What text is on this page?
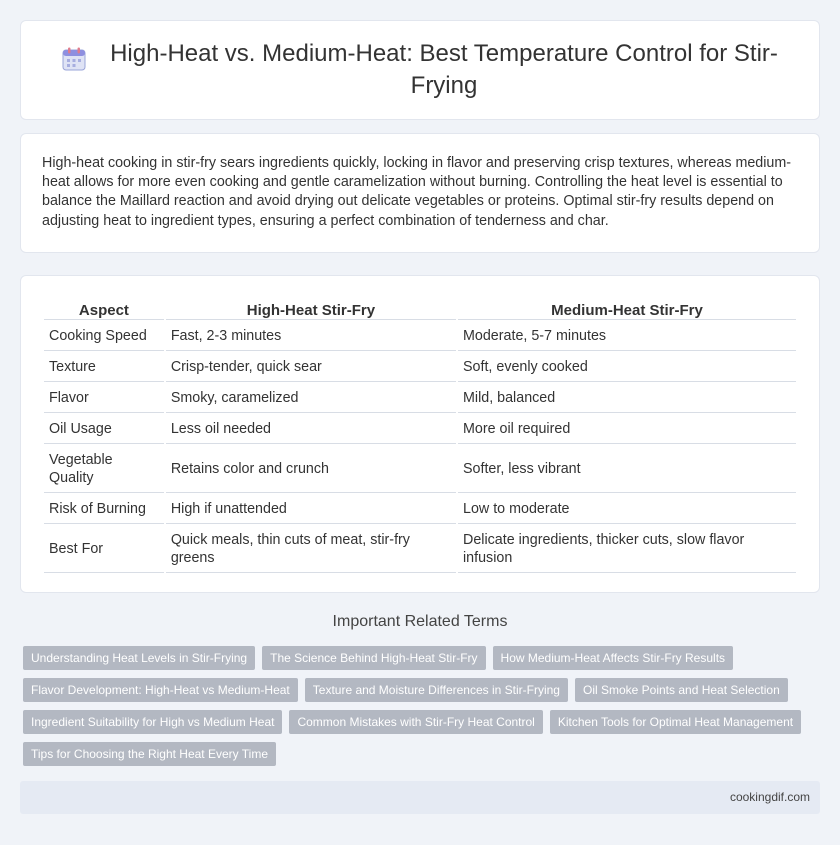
High-Heat vs. Medium-Heat: Best Temperature Control for Stir-Frying

High-heat cooking in stir-fry sears ingredients quickly, locking in flavor and preserving crisp textures, whereas medium-heat allows for more even cooking and gentle caramelization without burning. Controlling the heat level is essential to balance the Maillard reaction and avoid drying out delicate vegetables or proteins. Optimal stir-fry results depend on adjusting heat to ingredient types, ensuring a perfect combination of tenderness and char.

Aspect	High-Heat Stir-Fry	Medium-Heat Stir-Fry
Cooking Speed	Fast, 2-3 minutes	Moderate, 5-7 minutes
Texture	Crisp-tender, quick sear	Soft, evenly cooked
Flavor	Smoky, caramelized	Mild, balanced
Oil Usage	Less oil needed	More oil required
Vegetable Quality	Retains color and crunch	Softer, less vibrant
Risk of Burning	High if unattended	Low to moderate
Best For	Quick meals, thin cuts of meat, stir-fry greens	Delicate ingredients, thicker cuts, slow flavor infusion
Important Related Terms
Understanding Heat Levels in Stir-Frying	The Science Behind High-Heat Stir-Fry	How Medium-Heat Affects Stir-Fry Results
Flavor Development: High-Heat vs Medium-Heat	Texture and Moisture Differences in Stir-Frying	Oil Smoke Points and Heat Selection
Ingredient Suitability for High vs Medium Heat	Common Mistakes with Stir-Fry Heat Control	Kitchen Tools for Optimal Heat Management
Tips for Choosing the Right Heat Every Time
cookingdif.com
